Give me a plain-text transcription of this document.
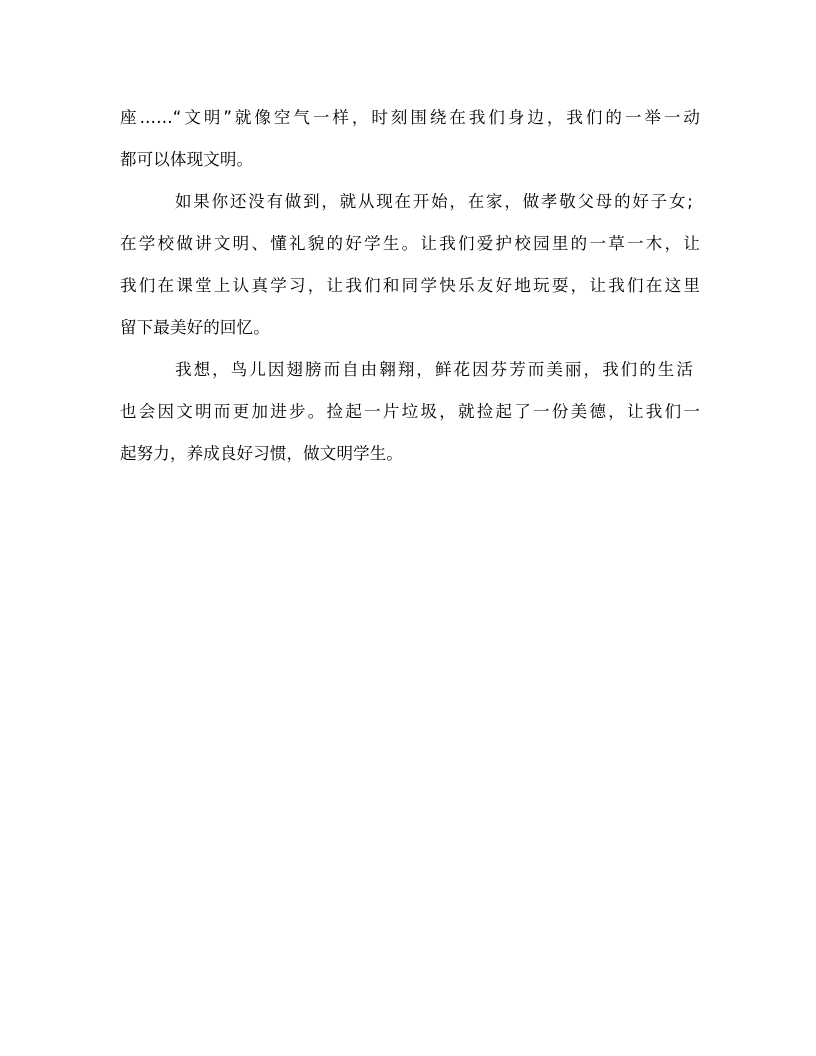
座……“文明”就像空气一样，时刻围绕在我们身边，我们的一举一动
都可以体现文明。
如果你还没有做到，就从现在开始，在家，做孝敬父母的好子女;
在学校做讲文明、懂礼貌的好学生。让我们爱护校园里的一草一木，让
我们在课堂上认真学习，让我们和同学快乐友好地玩耍，让我们在这里
留下最美好的回忆。
我想，鸟儿因翅膀而自由翱翔，鲜花因芬芳而美丽，我们的生活
也会因文明而更加进步。捡起一片垃圾，就捡起了一份美德，让我们一
起努力，养成良好习惯，做文明学生。
